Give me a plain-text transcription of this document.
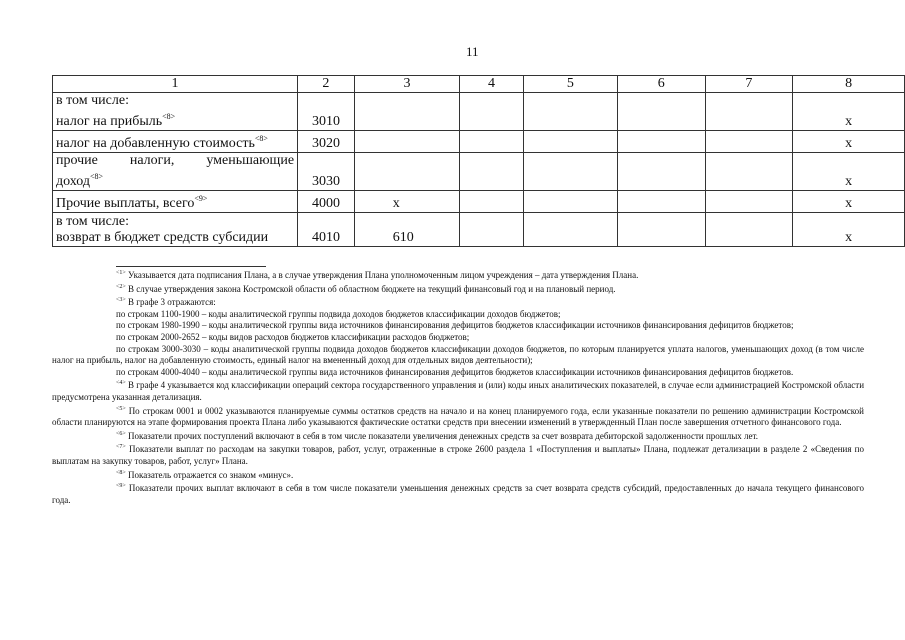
11
1	2	3	4	5	6	7	8

в том числе:
налог на прибыль$^{<8>}$	3010						х

налог на добавленную стоимость$^{<8>}$	3020						х

прочие налоги, уменьшающие
доход$^{<8>}$	3030						х

Прочие выплаты, всего$^{<9>}$	4000	х					х

в том числе:
возврат в бюджет средств субсидии	4010	610					х

$^{<1>}$ Указывается дата подписания Плана, а в случае утверждения Плана уполномоченным лицом учреждения – дата утверждения Плана.

$^{<2>}$ В случае утверждения закона Костромской области об областном бюджете на текущий финансовый год и на плановый период.

$^{<3>}$ В графе 3 отражаются:

по строкам 1100-1900 – коды аналитической группы подвида доходов бюджетов классификации доходов бюджетов;

по строкам 1980-1990 – коды аналитической группы вида источников финансирования дефицитов бюджетов классификации источников финансирования дефицитов бюджетов;

по строкам 2000-2652 – коды видов расходов бюджетов классификации расходов бюджетов;

по строкам 3000-3030 – коды аналитической группы подвида доходов бюджетов классификации доходов бюджетов, по которым планируется уплата налогов, уменьшающих доход (в том числе налог на прибыль, налог на добавленную стоимость, единый налог на вмененный доход для отдельных видов деятельности);

по строкам 4000-4040 – коды аналитической группы вида источников финансирования дефицитов бюджетов классификации источников финансирования дефицитов бюджетов.

$^{<4>}$ В графе 4 указывается код классификации операций сектора государственного управления и (или) коды иных аналитических показателей, в случае если администрацией Костромской области предусмотрена указанная детализация.

$^{<5>}$ По строкам 0001 и 0002 указываются планируемые суммы остатков средств на начало и на конец планируемого года, если указанные показатели по решению администрации Костромской области планируются на этапе формирования проекта Плана либо указываются фактические остатки средств при внесении изменений в утвержденный План после завершения отчетного финансового года.

$^{<6>}$ Показатели прочих поступлений включают в себя в том числе показатели увеличения денежных средств за счет возврата дебиторской задолженности прошлых лет.

$^{<7>}$ Показатели выплат по расходам на закупки товаров, работ, услуг, отраженные в строке 2600 раздела 1 «Поступления и выплаты» Плана, подлежат детализации в разделе 2 «Сведения по выплатам на закупку товаров, работ, услуг» Плана.

$^{<8>}$ Показатель отражается со знаком «минус».

$^{<9>}$ Показатели прочих выплат включают в себя в том числе показатели уменьшения денежных средств за счет возврата средств субсидий, предоставленных до начала текущего финансового года.
